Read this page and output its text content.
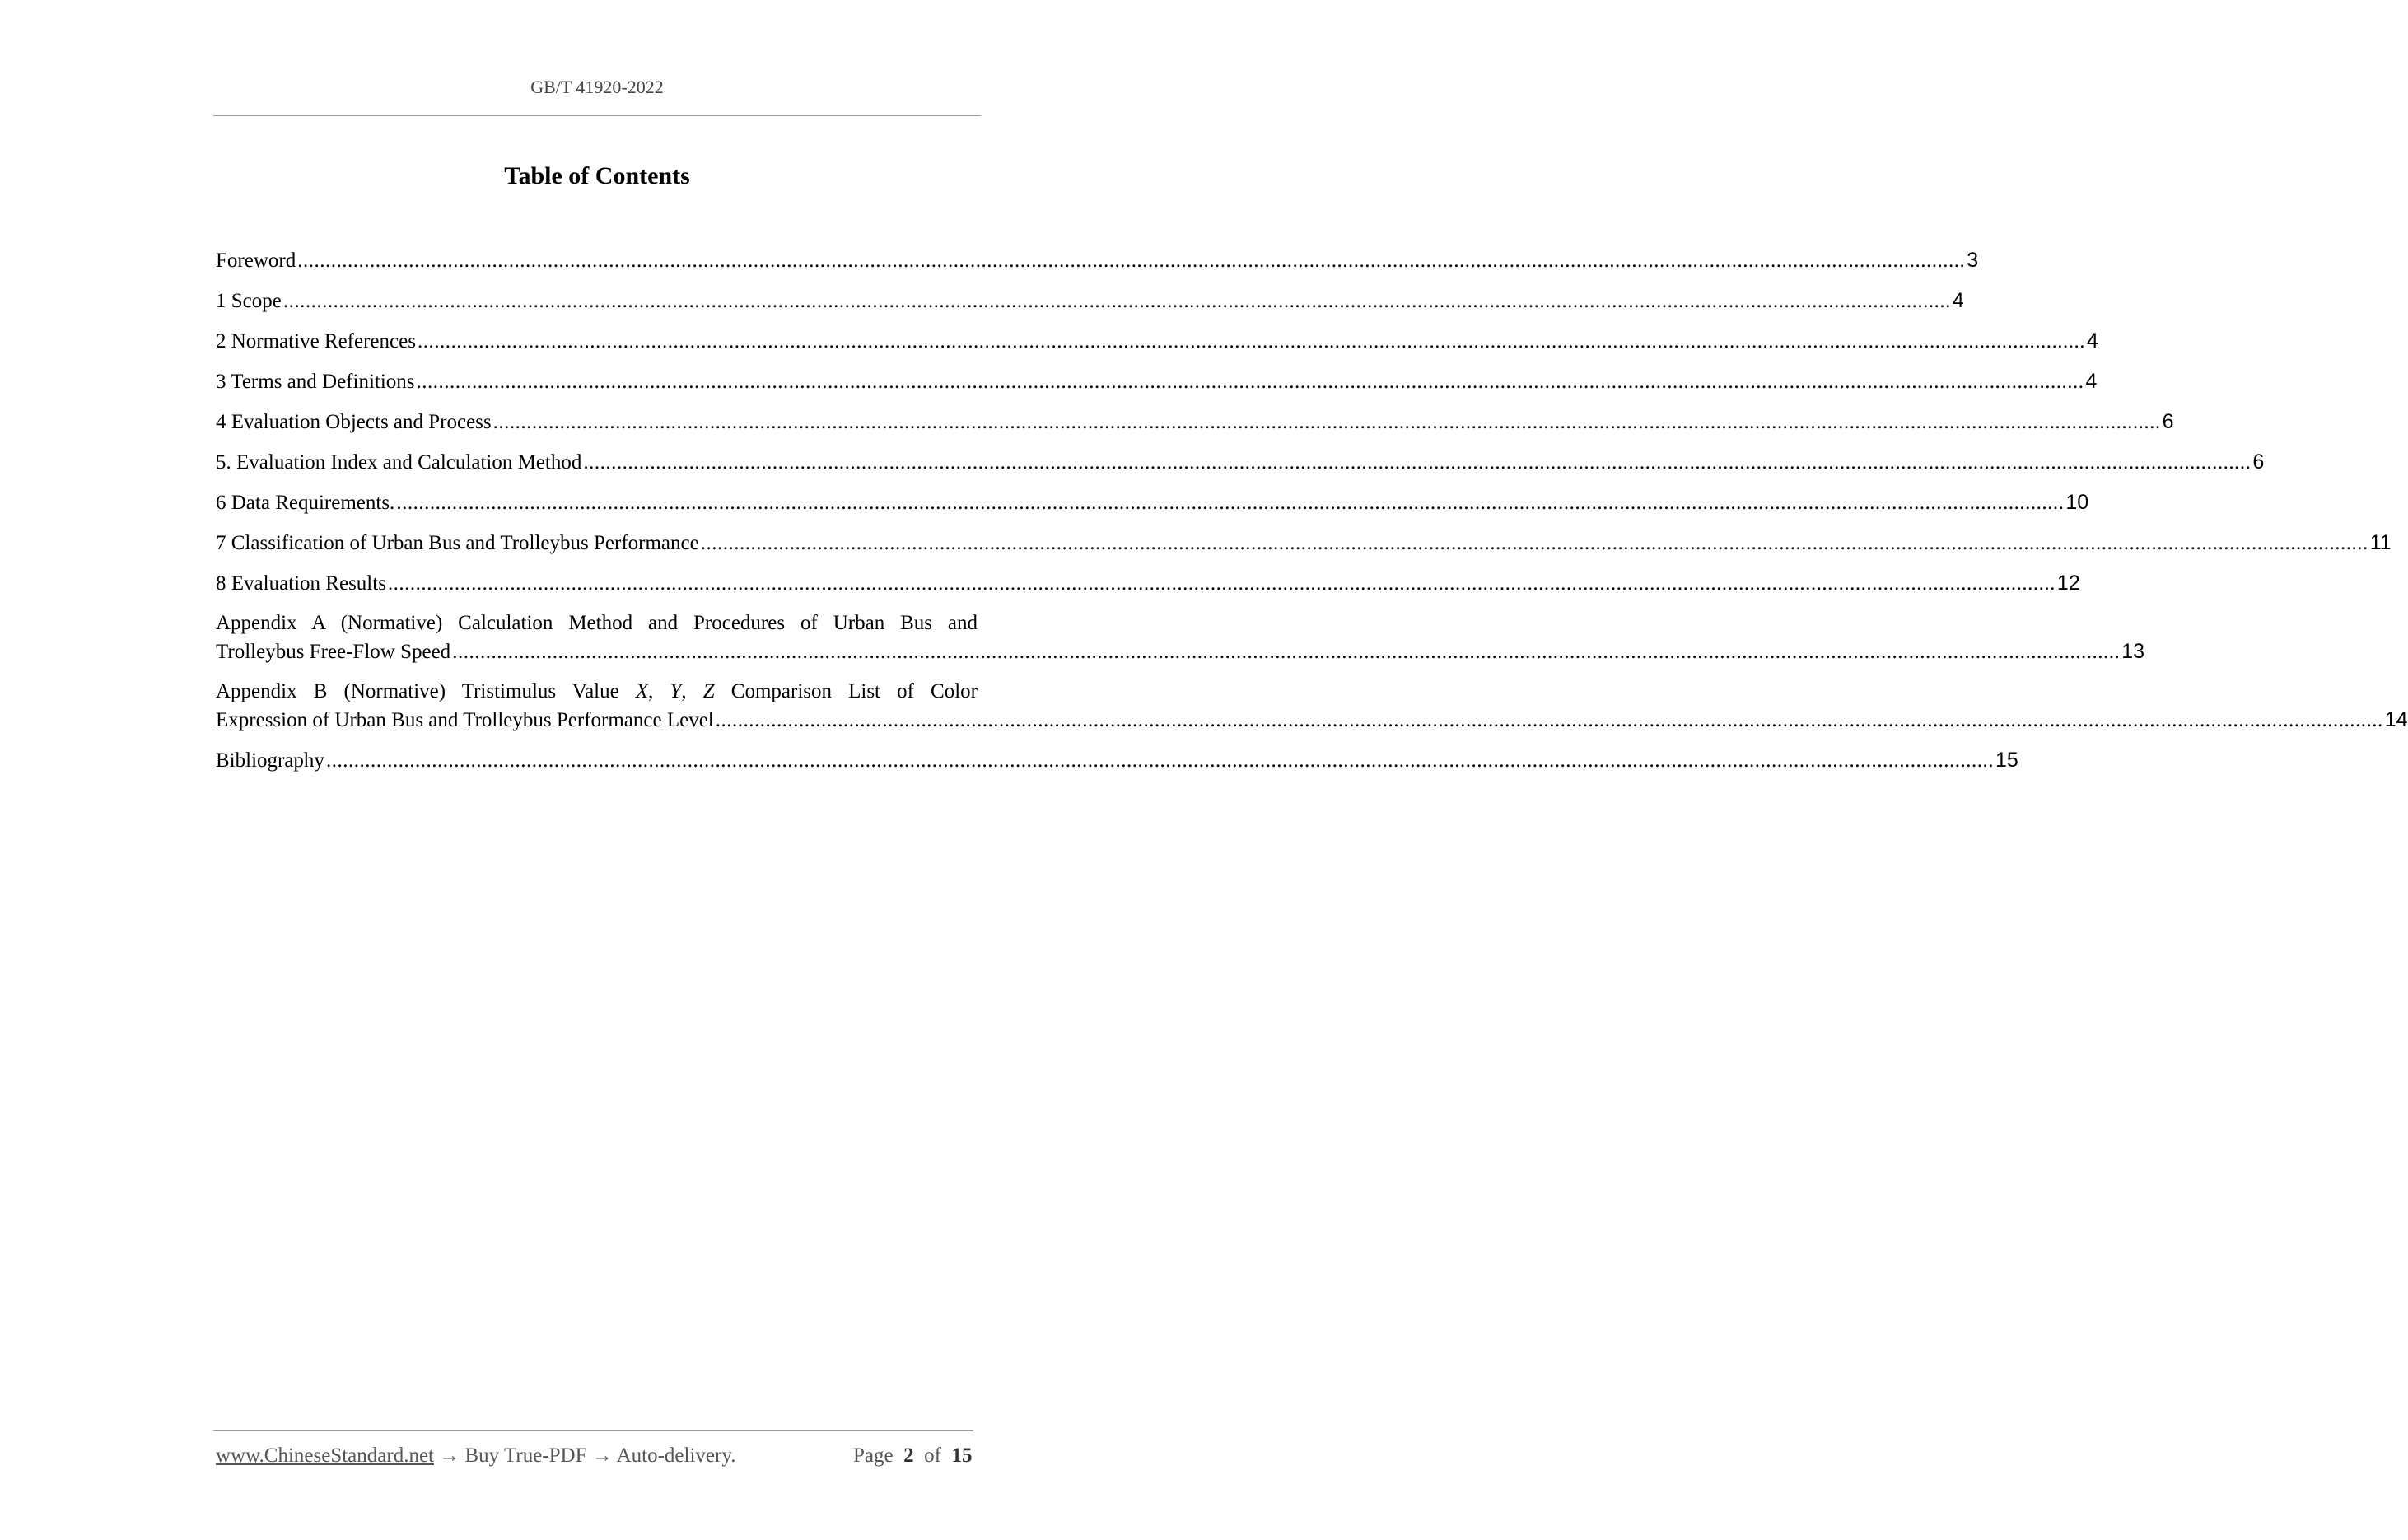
GB/T 41920-2022
Table of Contents
Foreword ............................................................................................................................................................................................................................................................................................................ 3
1 Scope ............................................................................................................................................................................................................................................................................................................ 4
2 Normative References ............................................................................................................................................................................................................................................................................................................ 4
3 Terms and Definitions ............................................................................................................................................................................................................................................................................................................ 4
4 Evaluation Objects and Process ............................................................................................................................................................................................................................................................................................................ 6
5. Evaluation Index and Calculation Method ............................................................................................................................................................................................................................................................................................................ 6
6 Data Requirements. ............................................................................................................................................................................................................................................................................................................ 10
7 Classification of Urban Bus and Trolleybus Performance ............................................................................................................................................................................................................................................................................................................ 11
8 Evaluation Results ............................................................................................................................................................................................................................................................................................................ 12
Appendix A (Normative) Calculation Method and Procedures of Urban Bus and
Trolleybus Free-Flow Speed ............................................................................................................................................................................................................................................................................................................ 13
Appendix B (Normative) Tristimulus Value X, Y, Z Comparison List of Color
Expression of Urban Bus and Trolleybus Performance Level ............................................................................................................................................................................................................................................................................................................ 14
Bibliography ............................................................................................................................................................................................................................................................................................................ 15
www.ChineseStandard.net → Buy True-PDF → Auto-delivery.	Page 2 of 15
